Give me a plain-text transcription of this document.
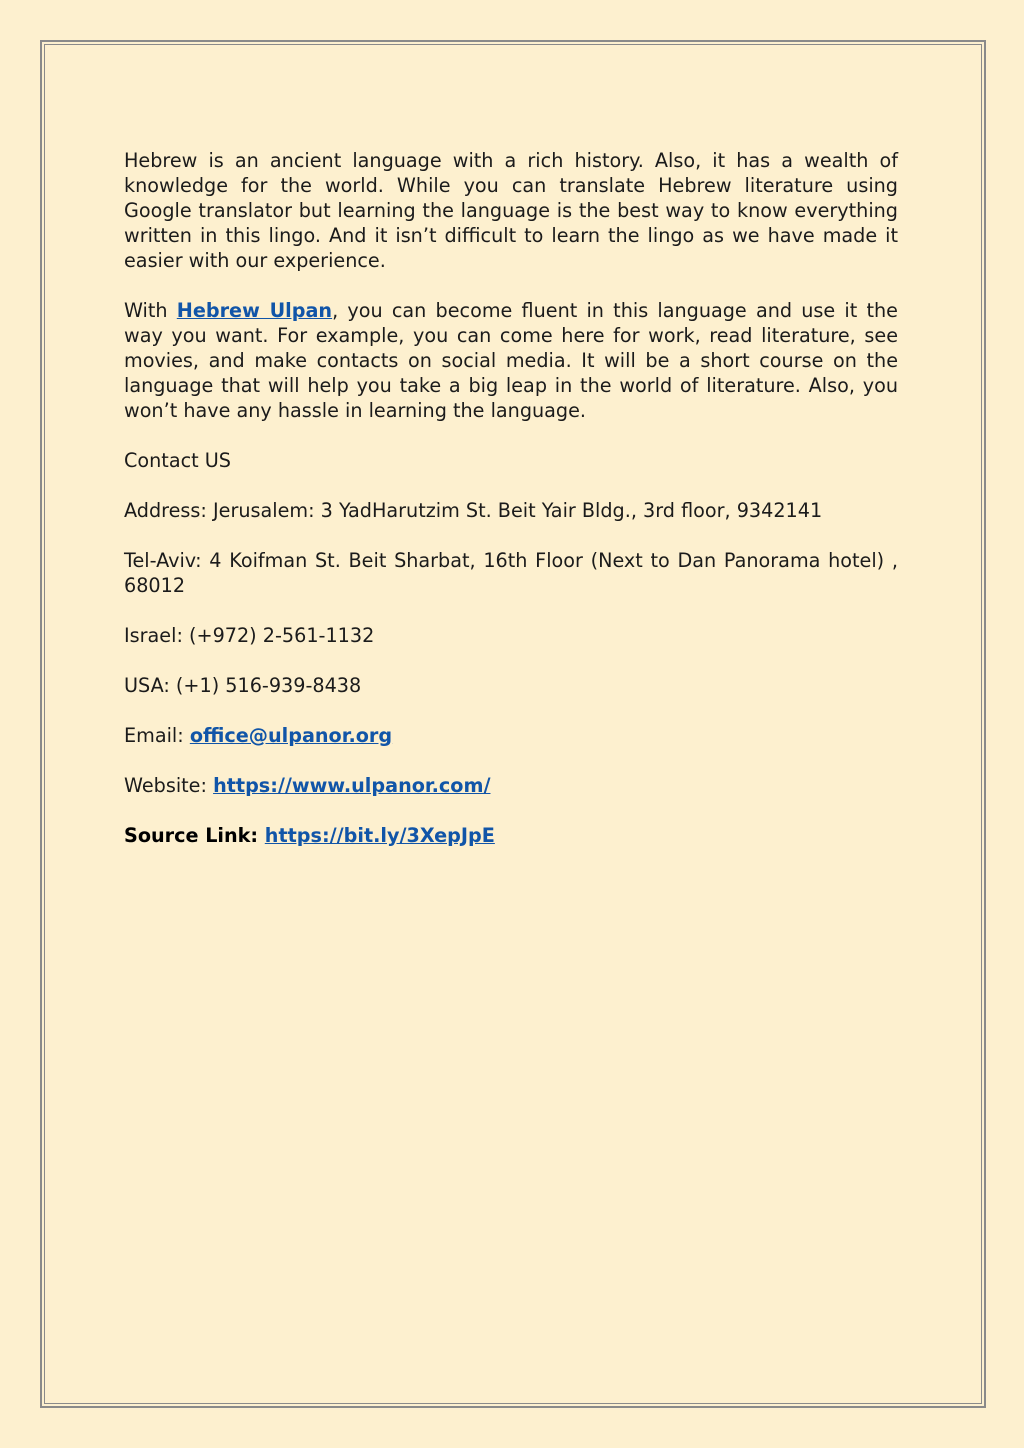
Hebrew is an ancient language with a rich history. Also, it has a wealth of knowledge for the world. While you can translate Hebrew literature using Google translator but learning the language is the best way to know everything written in this lingo. And it isn’t difficult to learn the lingo as we have made it easier with our experience.

With Hebrew Ulpan, you can become fluent in this language and use it the way you want. For example, you can come here for work, read literature, see movies, and make contacts on social media. It will be a short course on the language that will help you take a big leap in the world of literature. Also, you won’t have any hassle in learning the language.

Contact US

Address: Jerusalem: 3 YadHarutzim St. Beit Yair Bldg., 3rd floor, 9342141

Tel-Aviv: 4 Koifman St. Beit Sharbat, 16th Floor (Next to Dan Panorama hotel) , 68012

Israel: (+972) 2-561-1132

USA: (+1) 516-939-8438

Email: office@ulpanor.org

Website: https://www.ulpanor.com/

Source Link: https://bit.ly/3XepJpE
